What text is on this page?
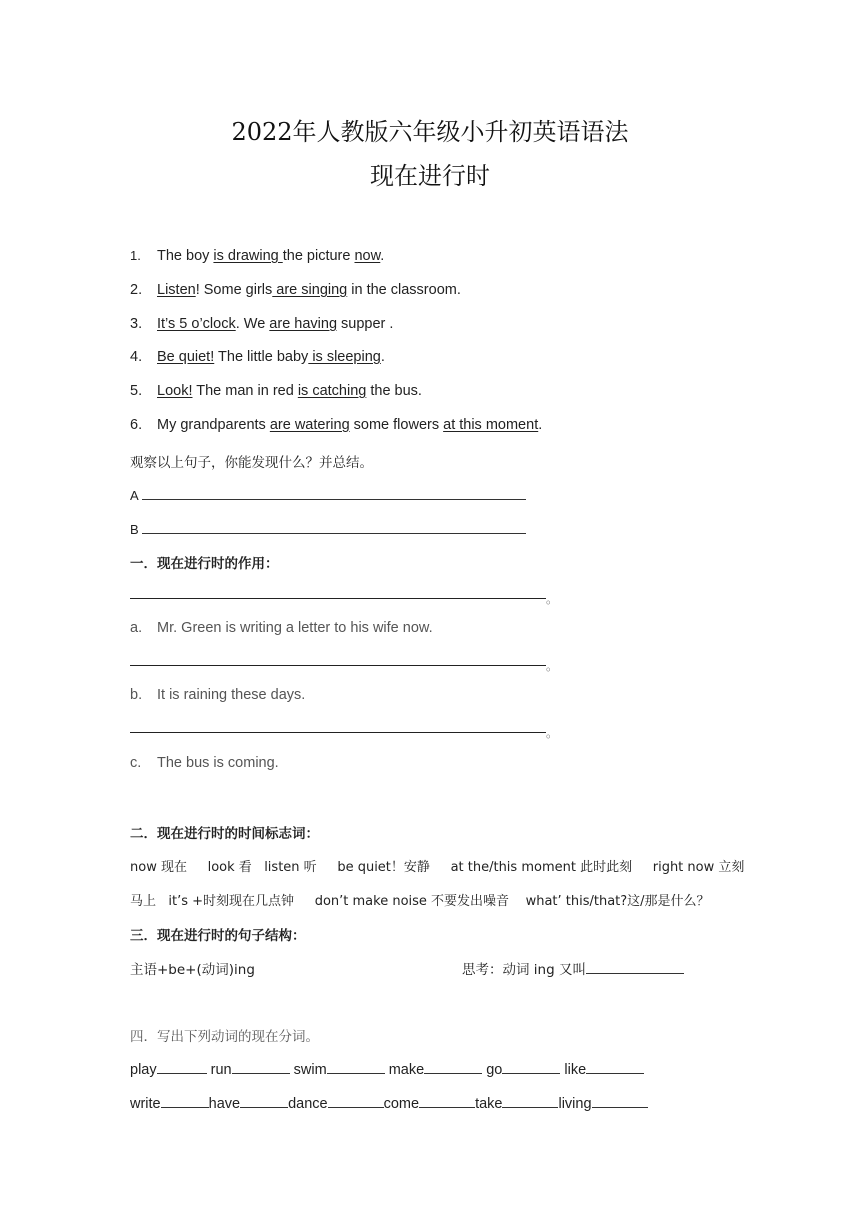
2022年人教版六年级小升初英语语法
现在进行时
1. The boy is drawing the picture now.
2. Listen! Some girls are singing in the classroom.
3. It’s 5 o’clock. We are having supper .
4. Be quiet! The little baby is sleeping.
5. Look! The man in red is catching the bus.
6. My grandparents are watering some flowers at this moment.
观察以上句子，你能发现什么？并总结。
A
B
一．现在进行时的作用：
。
a. Mr. Green is writing a letter to his wife now.
。
b. It is raining these days.
。
c. The bus is coming.
二．现在进行时的时间标志词：
now 现在     look 看   listen 听     be quiet！安静     at the/this moment 此时此刻     right now 立刻
马上   it’s +时刻现在几点钟     don’t make noise 不要发出噪音    what’ this/that?这/那是什么？
三．现在进行时的句子结构：
主语+be+(动词)ing	思考：动词 ing 又叫
四．写出下列动词的现在分词。
play	run	swim	make	go	like
write	have	dance	come	take	living
